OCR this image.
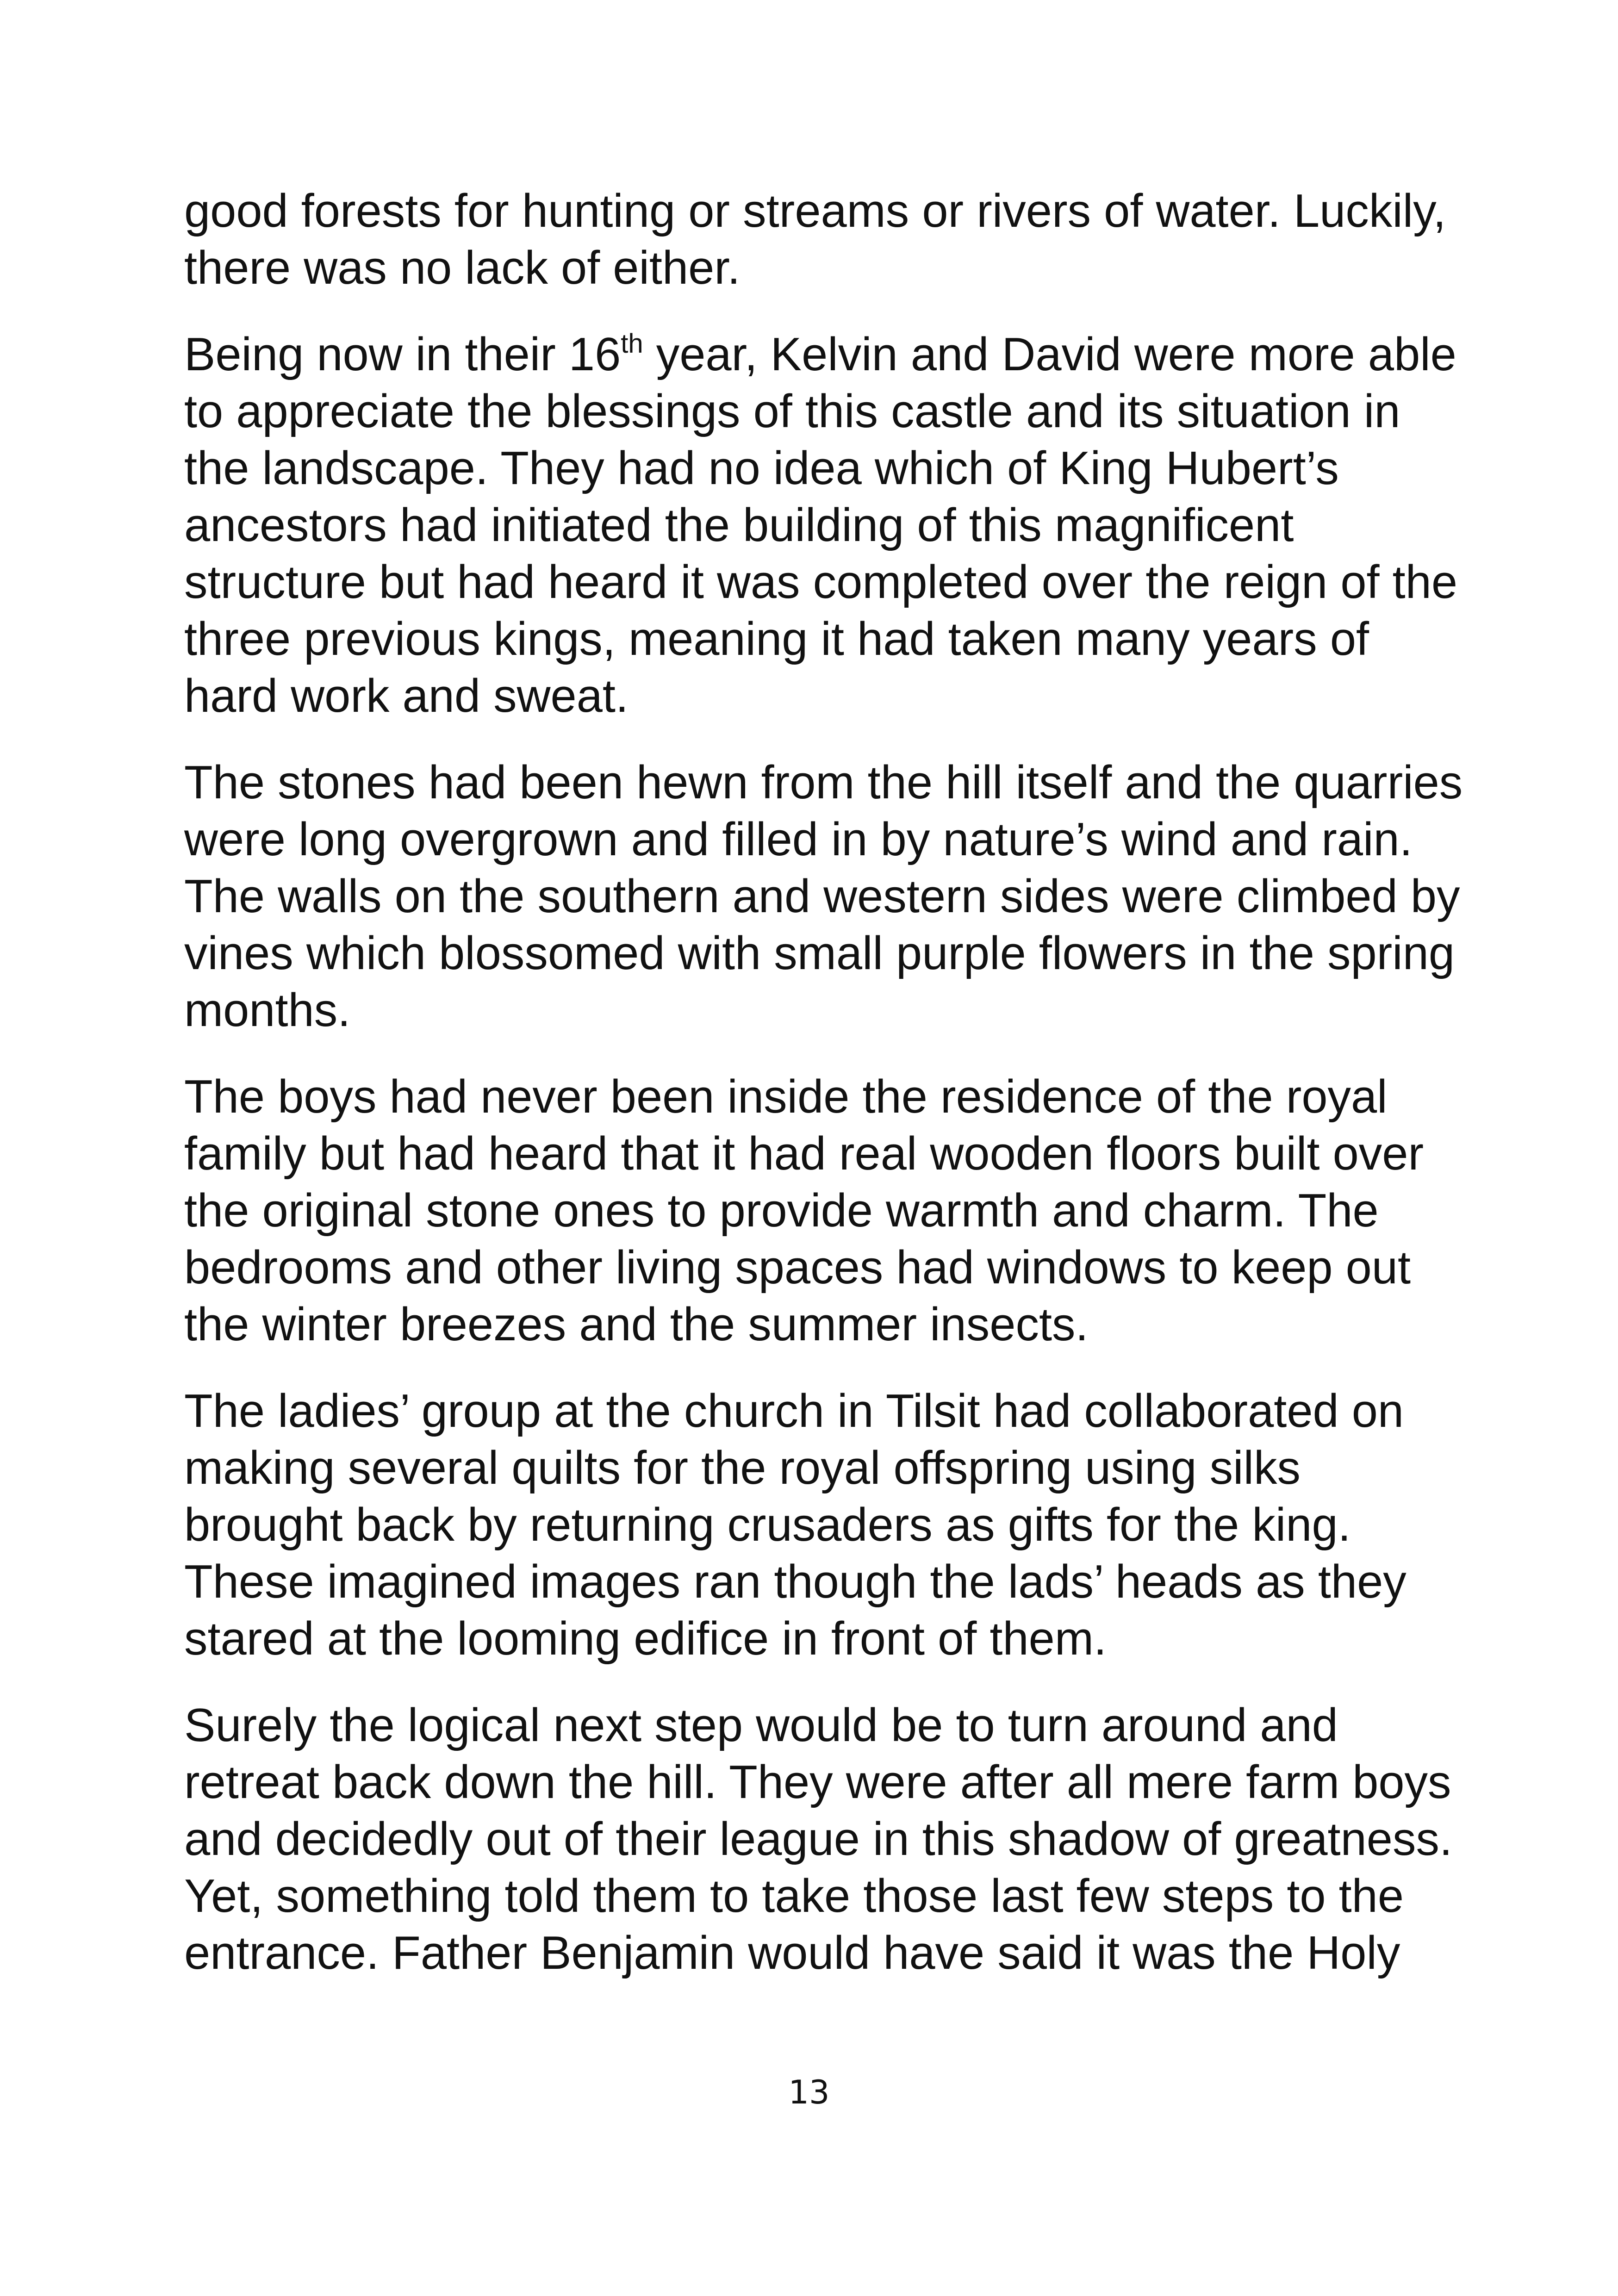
good forests for hunting or streams or rivers of water. Luckily,
there was no lack of either.

Being now in their 16th year, Kelvin and David were more able
to appreciate the blessings of this castle and its situation in
the landscape. They had no idea which of King Hubert’s
ancestors had initiated the building of this magnificent
structure but had heard it was completed over the reign of the
three previous kings, meaning it had taken many years of
hard work and sweat.

The stones had been hewn from the hill itself and the quarries
were long overgrown and filled in by nature’s wind and rain.
The walls on the southern and western sides were climbed by
vines which blossomed with small purple flowers in the spring
months.

The boys had never been inside the residence of the royal
family but had heard that it had real wooden floors built over
the original stone ones to provide warmth and charm. The
bedrooms and other living spaces had windows to keep out
the winter breezes and the summer insects.

The ladies’ group at the church in Tilsit had collaborated on
making several quilts for the royal offspring using silks
brought back by returning crusaders as gifts for the king.
These imagined images ran though the lads’ heads as they
stared at the looming edifice in front of them.

Surely the logical next step would be to turn around and
retreat back down the hill. They were after all mere farm boys
and decidedly out of their league in this shadow of greatness.
Yet, something told them to take those last few steps to the
entrance. Father Benjamin would have said it was the Holy

13
